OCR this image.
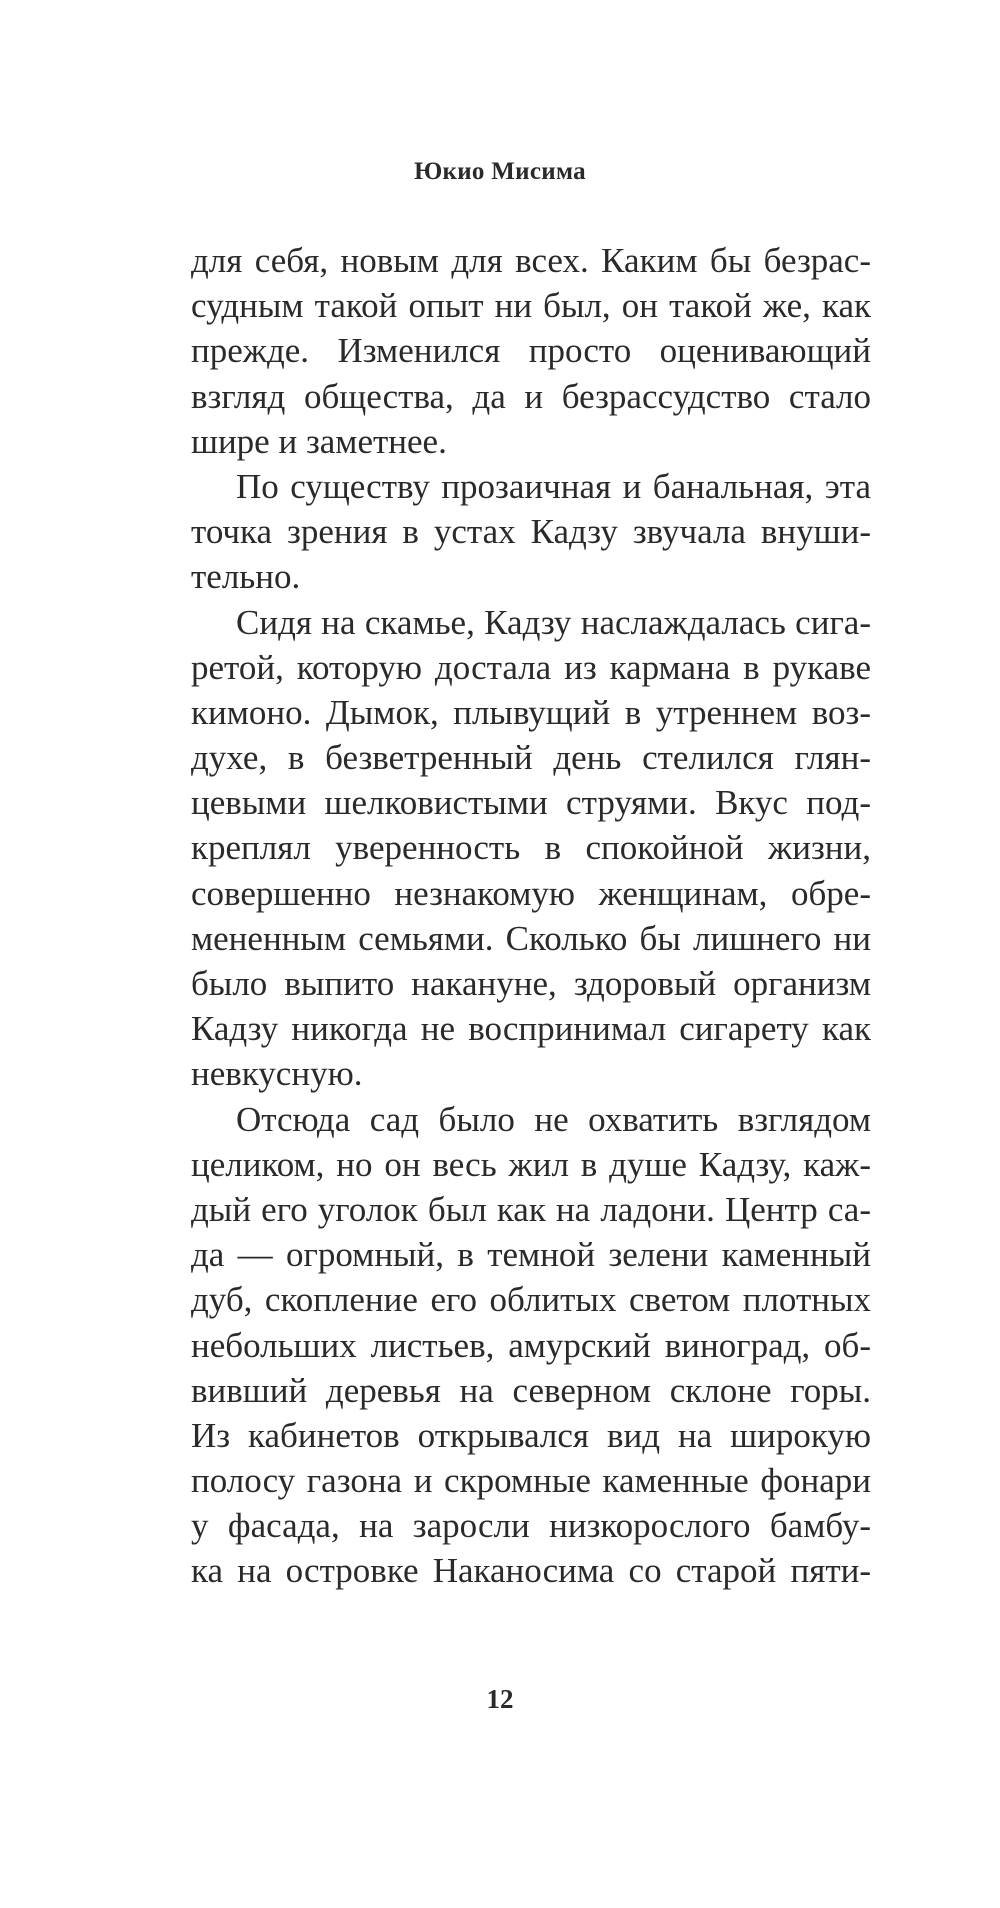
Юкио Мисима
для себя, новым для всех. Каким бы безрас-
судным такой опыт ни был, он такой же, как
прежде. Изменился просто оценивающий
взгляд общества, да и безрассудство стало
шире и заметнее.
По существу прозаичная и банальная, эта
точка зрения в устах Кадзу звучала внуши-
тельно.
Сидя на скамье, Кадзу наслаждалась сига-
ретой, которую достала из кармана в рукаве
кимоно. Дымок, плывущий в утреннем воз-
духе, в безветренный день стелился глян-
цевыми шелковистыми струями. Вкус под-
креплял уверенность в спокойной жизни,
совершенно незнакомую женщинам, обре-
мененным семьями. Сколько бы лишнего ни
было выпито накануне, здоровый организм
Кадзу никогда не воспринимал сигарету как
невкусную.
Отсюда сад было не охватить взглядом
целиком, но он весь жил в душе Кадзу, каж-
дый его уголок был как на ладони. Центр са-
да — огромный, в темной зелени каменный
дуб, скопление его облитых светом плотных
небольших листьев, амурский виноград, об-
вивший деревья на северном склоне горы.
Из кабинетов открывался вид на широкую
полосу газона и скромные каменные фонари
у фасада, на заросли низкорослого бамбу-
ка на островке Наканосима со старой пяти-
12
